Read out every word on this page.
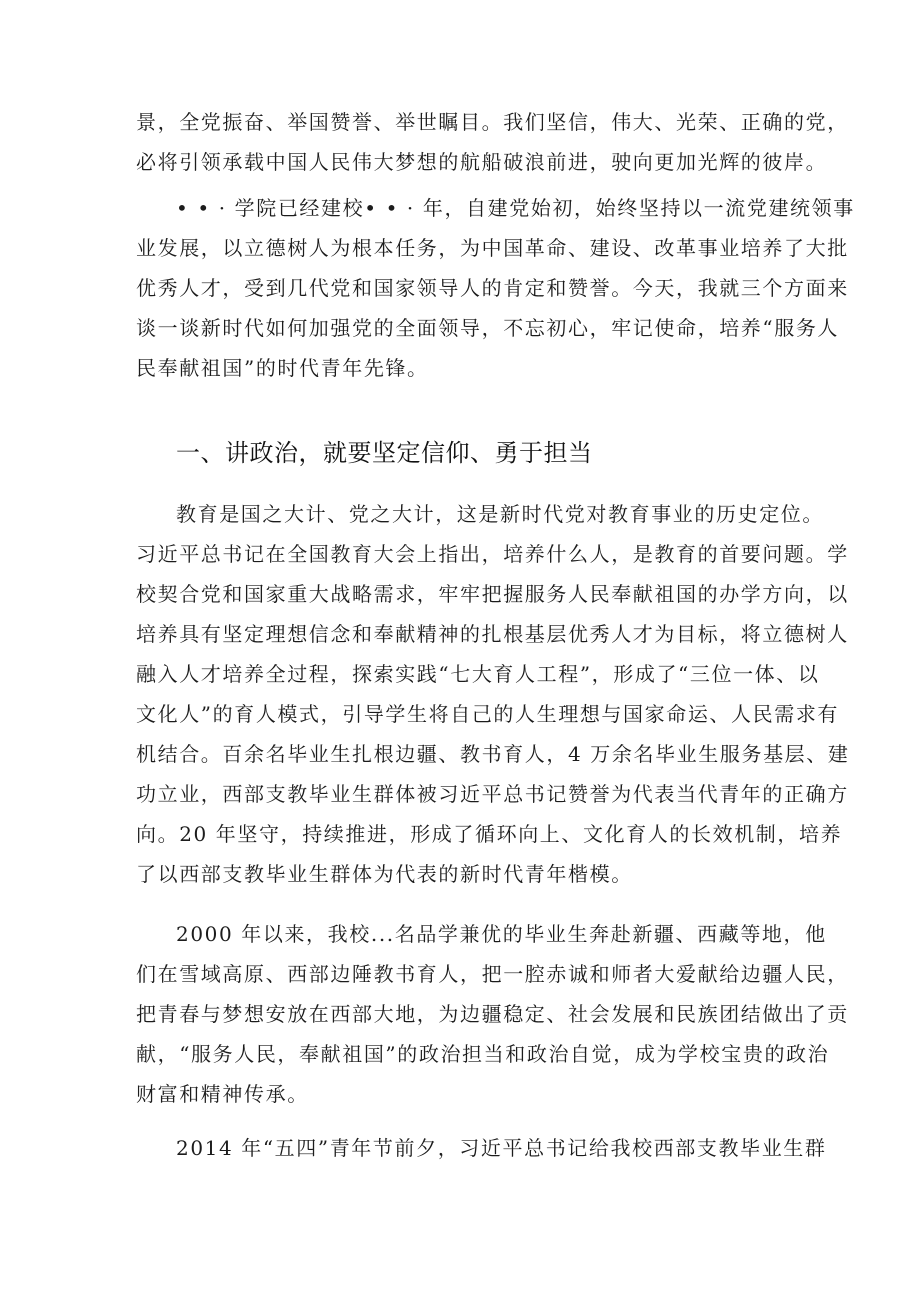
景，全党振奋、举国赞誉、举世瞩目。我们坚信，伟大、光荣、正确的党，
必将引领承载中国人民伟大梦想的航船破浪前进，驶向更加光辉的彼岸。
• • · 学院已经建校• • · 年，自建党始初，始终坚持以一流党建统领事
业发展，以立德树人为根本任务，为中国革命、建设、改革事业培养了大批
优秀人才，受到几代党和国家领导人的肯定和赞誉。今天，我就三个方面来
谈一谈新时代如何加强党的全面领导，不忘初心，牢记使命，培养“服务人
民奉献祖国”的时代青年先锋。
一、讲政治，就要坚定信仰、勇于担当
教育是国之大计、党之大计，这是新时代党对教育事业的历史定位。
习近平总书记在全国教育大会上指出，培养什么人，是教育的首要问题。学
校契合党和国家重大战略需求，牢牢把握服务人民奉献祖国的办学方向，以
培养具有坚定理想信念和奉献精神的扎根基层优秀人才为目标，将立德树人
融入人才培养全过程，探索实践“七大育人工程”，形成了“三位一体、以
文化人”的育人模式，引导学生将自己的人生理想与国家命运、人民需求有
机结合。百余名毕业生扎根边疆、教书育人，4 万余名毕业生服务基层、建
功立业，西部支教毕业生群体被习近平总书记赞誉为代表当代青年的正确方
向。20 年坚守，持续推进，形成了循环向上、文化育人的长效机制，培养
了以西部支教毕业生群体为代表的新时代青年楷模。
2000 年以来，我校...名品学兼优的毕业生奔赴新疆、西藏等地，他
们在雪域高原、西部边陲教书育人，把一腔赤诚和师者大爱献给边疆人民，
把青春与梦想安放在西部大地，为边疆稳定、社会发展和民族团结做出了贡
献，“服务人民，奉献祖国”的政治担当和政治自觉，成为学校宝贵的政治
财富和精神传承。
2014 年“五四”青年节前夕，习近平总书记给我校西部支教毕业生群
